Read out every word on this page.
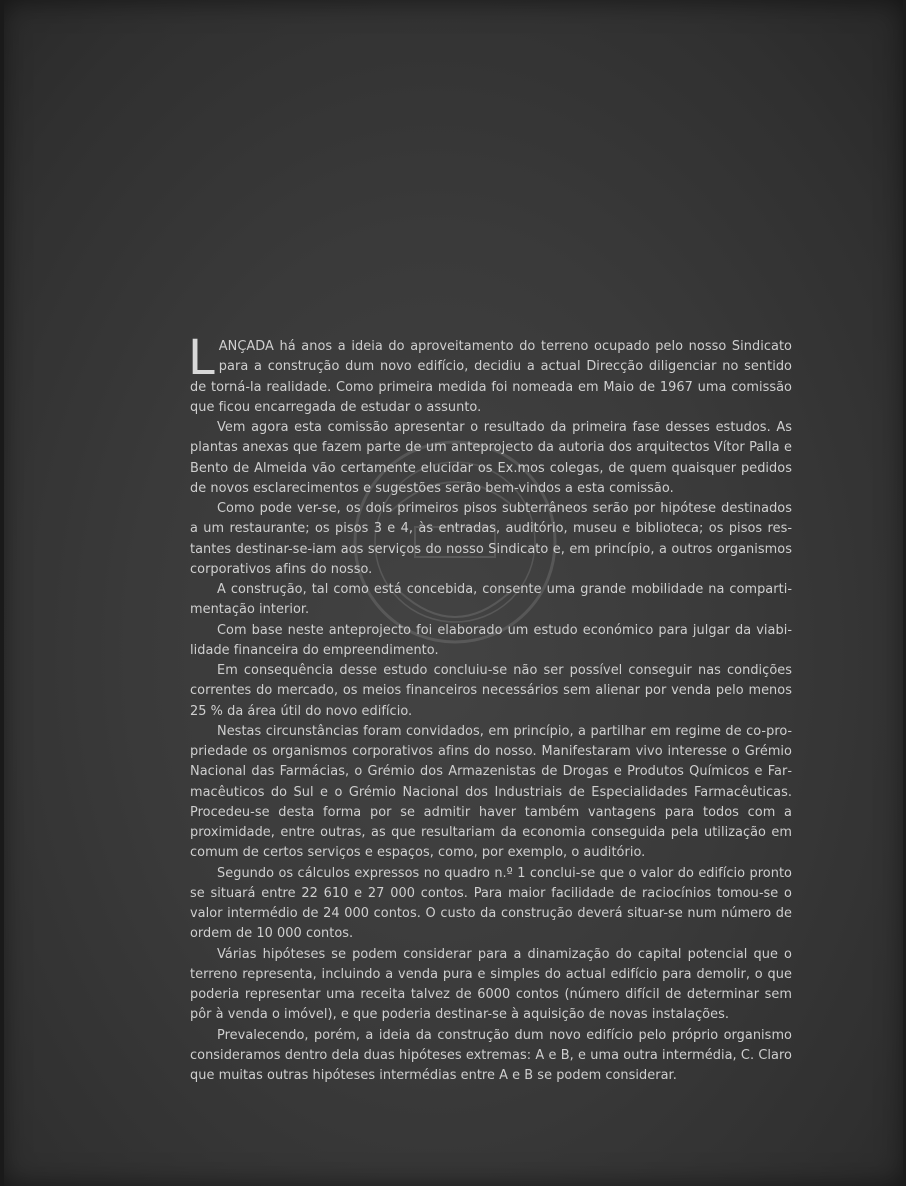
LANÇADA há anos a ideia do aproveitamento do terreno ocupado pelo nosso Sindicato para a construção dum novo edifício, decidiu a actual Direcção diligenciar no sentido de torná-la realidade. Como primeira medida foi nomeada em Maio de 1967 uma comissão que ficou encarregada de estudar o assunto.

Vem agora esta comissão apresentar o resultado da primeira fase desses estudos. As plantas anexas que fazem parte de um anteprojecto da autoria dos arquitectos Vítor Palla e Bento de Almeida vão certamente elucidar os Ex.mos colegas, de quem quaisquer pedidos de novos esclarecimentos e sugestões serão bem-vindos a esta comissão.

Como pode ver-se, os dois primeiros pisos subterrâneos serão por hipótese destinados a um restaurante; os pisos 3 e 4, às entradas, auditório, museu e biblioteca; os pisos restantes destinar-se-iam aos serviços do nosso Sindicato e, em princípio, a outros organismos corporativos afins do nosso.

A construção, tal como está concebida, consente uma grande mobilidade na compartimentação interior.

Com base neste anteprojecto foi elaborado um estudo económico para julgar da viabilidade financeira do empreendimento.

Em consequência desse estudo concluiu-se não ser possível conseguir nas condições correntes do mercado, os meios financeiros necessários sem alienar por venda pelo menos 25 % da área útil do novo edifício.

Nestas circunstâncias foram convidados, em princípio, a partilhar em regime de co-propriedade os organismos corporativos afins do nosso. Manifestaram vivo interesse o Grémio Nacional das Farmácias, o Grémio dos Armazenistas de Drogas e Produtos Químicos e Farmacêuticos do Sul e o Grémio Nacional dos Industriais de Especialidades Farmacêuticas. Procedeu-se desta forma por se admitir haver também vantagens para todos com a proximidade, entre outras, as que resultariam da economia conseguida pela utilização em comum de certos serviços e espaços, como, por exemplo, o auditório.

Segundo os cálculos expressos no quadro n.º 1 conclui-se que o valor do edifício pronto se situará entre 22 610 e 27 000 contos. Para maior facilidade de raciocínios tomou-se o valor intermédio de 24 000 contos. O custo da construção deverá situar-se num número de ordem de 10 000 contos.

Várias hipóteses se podem considerar para a dinamização do capital potencial que o terreno representa, incluindo a venda pura e simples do actual edifício para demolir, o que poderia representar uma receita talvez de 6000 contos (número difícil de determinar sem pôr à venda o imóvel), e que poderia destinar-se à aquisição de novas instalações.

Prevalecendo, porém, a ideia da construção dum novo edifício pelo próprio organismo consideramos dentro dela duas hipóteses extremas: A e B, e uma outra intermédia, C. Claro que muitas outras hipóteses intermédias entre A e B se podem considerar.
